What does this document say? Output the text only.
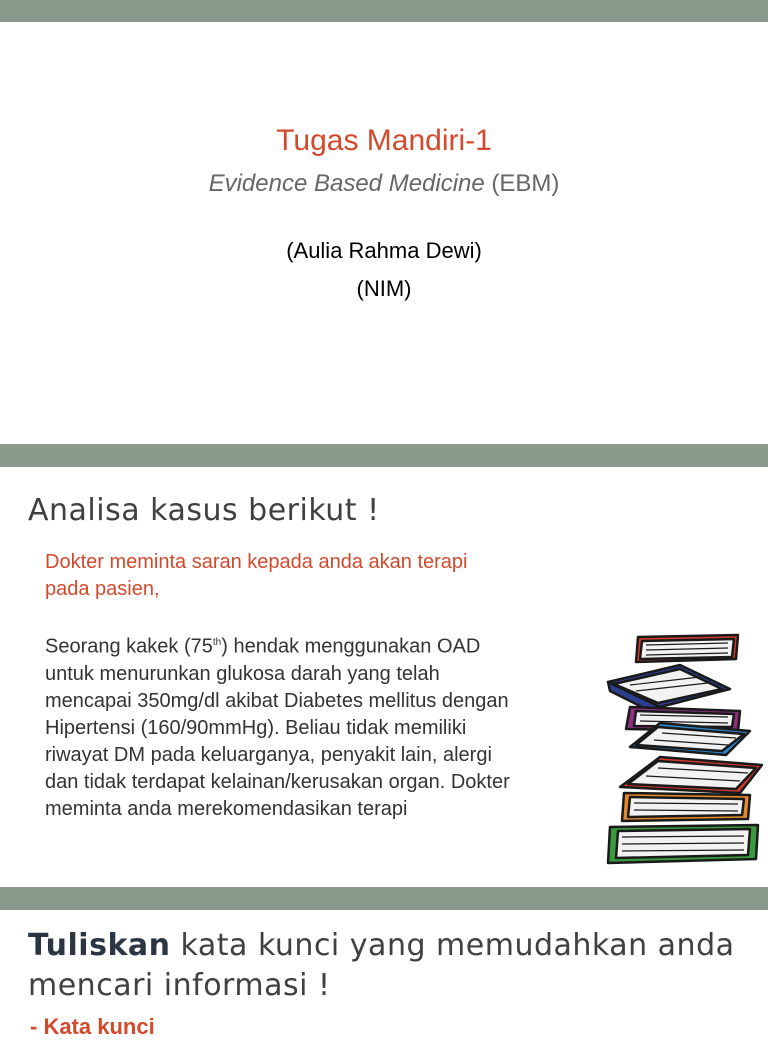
Tugas Mandiri-1
Evidence Based Medicine (EBM)
(Aulia Rahma Dewi)
(NIM)
Analisa kasus berikut !
Dokter meminta saran kepada anda akan terapi
pada pasien,
Seorang kakek (75th) hendak menggunakan OAD untuk menurunkan glukosa darah yang telah mencapai 350mg/dl akibat Diabetes mellitus dengan Hipertensi (160/90mmHg). Beliau tidak memiliki riwayat DM pada keluarganya, penyakit lain, alergi dan tidak terdapat kelainan/kerusakan organ. Dokter meminta anda merekomendasikan terapi
Tuliskan kata kunci yang memudahkan anda mencari informasi !
- Kata kunci
